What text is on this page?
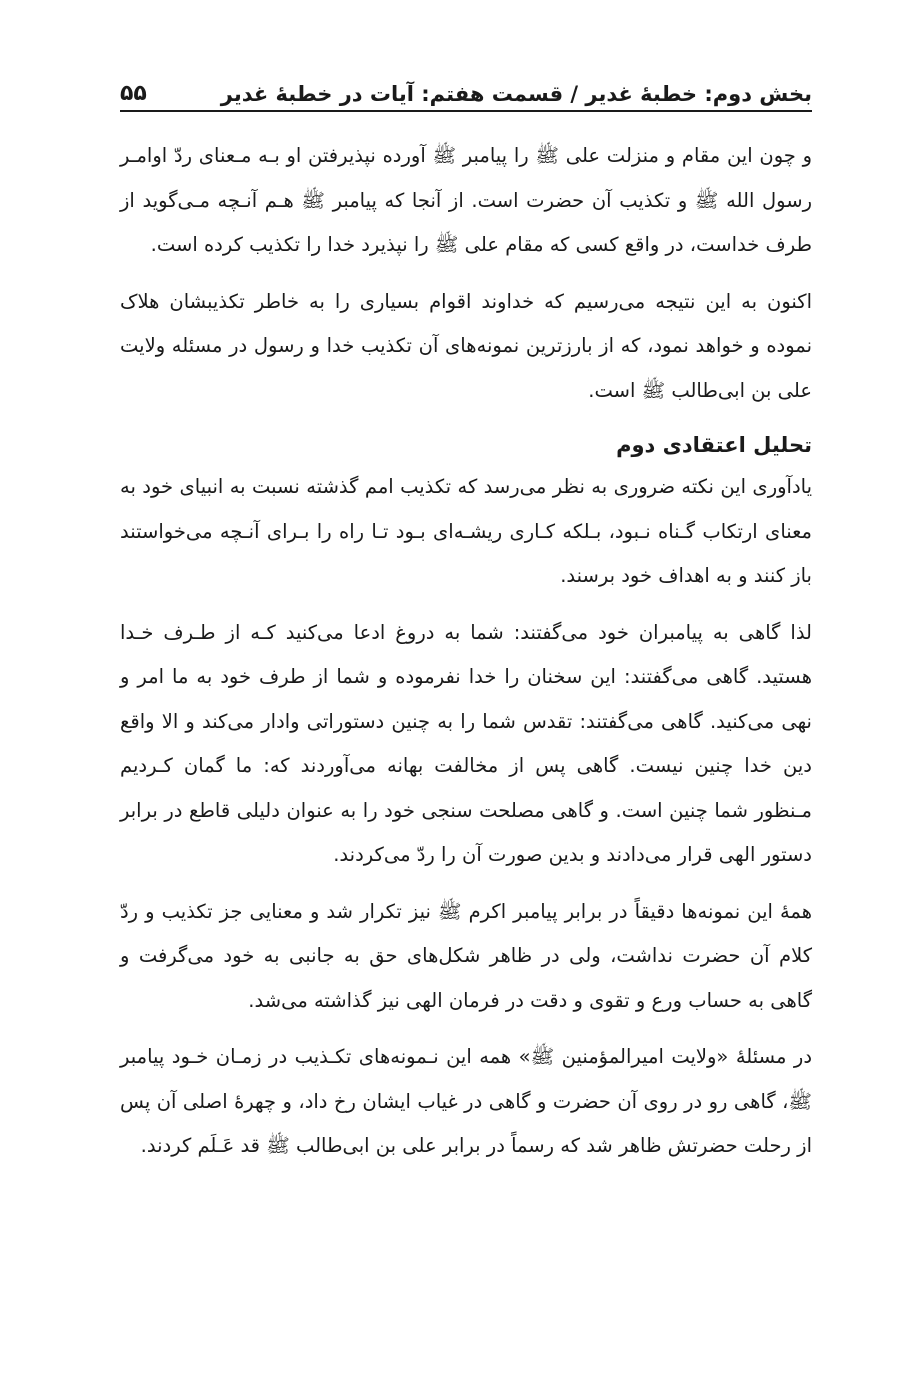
بخش دوم: خطبهٔ غدیر / قسمت هفتم: آیات در خطبهٔ غدیر
۵۵

و چون این مقام و منزلت علی ﷺ را پیامبر ﷺ آورده نپذیرفتن او بـه مـعنای ردّ اوامـر رسول الله ﷺ و تکذیب آن حضرت است. از آنجا که پیامبر ﷺ هـم آنـچه مـی‌گوید از طرف خداست، در واقع کسی که مقام علی ﷺ را نپذیرد خدا را تکذیب کرده است.

اکنون به این نتیجه می‌رسیم که خداوند اقوام بسیاری را به خاطر تکذیبشان هلاک نموده و خواهد نمود، که از بارزترین نمونه‌های آن تکذیب خدا و رسول در مسئله ولایت علی بن ابی‌طالب ﷺ است.

تحلیل اعتقادی دوم

یادآوری این نکته ضروری به نظر می‌رسد که تکذیب امم گذشته نسبت به انبیای خود به معنای ارتکاب گـناه نـبود، بـلکه کـاری ریشـه‌ای بـود تـا راه را بـرای آنـچه می‌خواستند باز کنند و به اهداف خود برسند.

لذا گاهی به پیامبران خود می‌گفتند: شما به دروغ ادعا می‌کنید کـه از طـرف خـدا هستید. گاهی می‌گفتند: این سخنان را خدا نفرموده و شما از طرف خود به ما امر و نهی می‌کنید. گاهی می‌گفتند: تقدس شما را به چنین دستوراتی وادار می‌کند و الا واقع دین خدا چنین نیست. گاهی پس از مخالفت بهانه می‌آوردند که: ما گمان کـردیم مـنظور شما چنین است. و گاهی مصلحت سنجی خود را به عنوان دلیلی قاطع در برابر دستور الهی قرار می‌دادند و بدین صورت آن را ردّ می‌کردند.

همهٔ این نمونه‌ها دقیقاً در برابر پیامبر اکرم ﷺ نیز تکرار شد و معنایی جز تکذیب و ردّ کلام آن حضرت نداشت، ولی در ظاهر شکل‌های حق به جانبی به خود می‌گرفت و گاهی به حساب ورع و تقوی و دقت در فرمان الهی نیز گذاشته می‌شد.

در مسئلهٔ «ولایت امیرالمؤمنین ﷺ» همه این نـمونه‌های تکـذیب در زمـان خـود پیامبر ﷺ، گاهی رو در روی آن حضرت و گاهی در غیاب ایشان رخ داد، و چهرهٔ اصلی آن پس از رحلت حضرتش ظاهر شد که رسماً در برابر علی بن ابی‌طالب ﷺ قد عَـلَم کردند.
